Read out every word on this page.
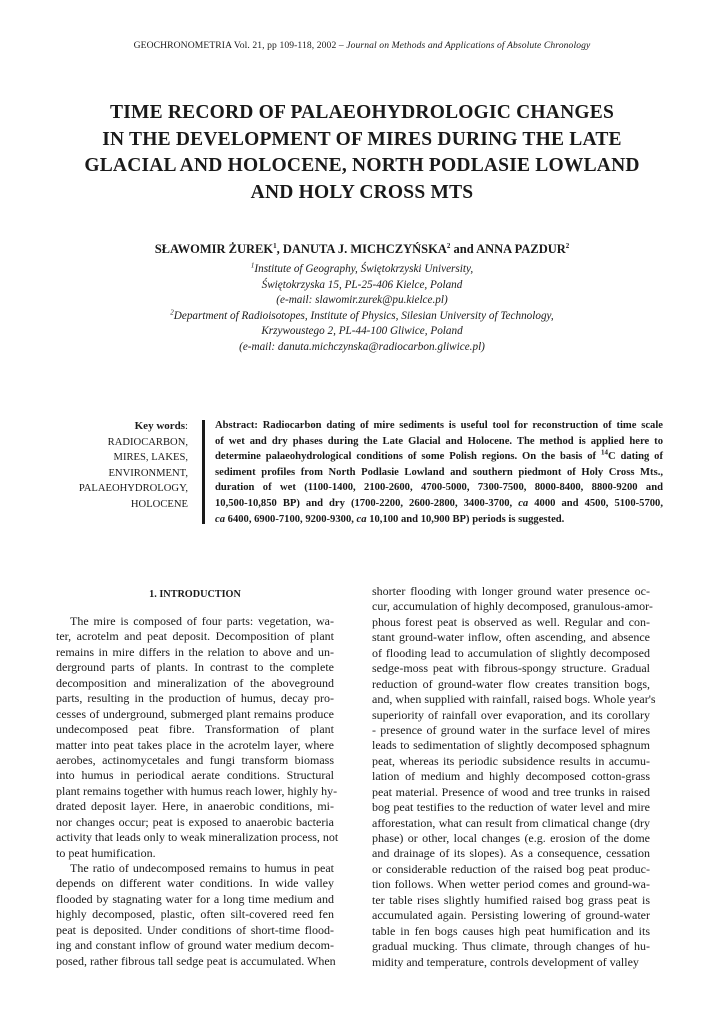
GEOCHRONOMETRIA Vol. 21, pp 109-118, 2002 – Journal on Methods and Applications of Absolute Chronology
TIME RECORD OF PALAEOHYDROLOGIC CHANGES
IN THE DEVELOPMENT OF MIRES DURING THE LATE
GLACIAL AND HOLOCENE, NORTH PODLASIE LOWLAND
AND HOLY CROSS MTS
SŁAWOMIR ŻUREK$^1$, DANUTA J. MICHCZYŃSKA$^2$ and ANNA PAZDUR$^2$
$^1$Institute of Geography, Świętokrzyski University,
Świętokrzyska 15, PL-25-406 Kielce, Poland
(e-mail: slawomir.zurek@pu.kielce.pl)
$^2$Department of Radioisotopes, Institute of Physics, Silesian University of Technology,
Krzywoustego 2, PL-44-100 Gliwice, Poland
(e-mail: danuta.michczynska@radiocarbon.gliwice.pl)
Key words:
RADIOCARBON,
MIRES, LAKES,
ENVIRONMENT,
PALAEOHYDROLOGY,
HOLOCENE
Abstract: Radiocarbon dating of mire sediments is useful tool for reconstruction of time scale
of wet and dry phases during the Late Glacial and Holocene. The method is applied here to
determine palaeohydrological conditions of some Polish regions. On the basis of $^{14}$C dating of
sediment profiles from North Podlasie Lowland and southern piedmont of Holy Cross Mts.,
duration of wet (1100-1400, 2100-2600, 4700-5000, 7300-7500, 8000-8400, 8800-9200 and
10,500-10,850 BP) and dry (1700-2200, 2600-2800, 3400-3700, ca 4000 and 4500, 5100-5700,
ca 6400, 6900-7100, 9200-9300, ca 10,100 and 10,900 BP) periods is suggested.
1. INTRODUCTION
The mire is composed of four parts: vegetation, wa-
ter, acrotelm and peat deposit. Decomposition of plant
remains in mire differs in the relation to above and un-
derground parts of plants. In contrast to the complete
decomposition and mineralization of the aboveground
parts, resulting in the production of humus, decay pro-
cesses of underground, submerged plant remains produce
undecomposed peat fibre. Transformation of plant
matter into peat takes place in the acrotelm layer, where
aerobes, actinomycetales and fungi transform biomass
into humus in periodical aerate conditions. Structural
plant remains together with humus reach lower, highly hy-
drated deposit layer. Here, in anaerobic conditions, mi-
nor changes occur; peat is exposed to anaerobic bacteria
activity that leads only to weak mineralization process, not
to peat humification.
The ratio of undecomposed remains to humus in peat
depends on different water conditions. In wide valley
flooded by stagnating water for a long time medium and
highly decomposed, plastic, often silt-covered reed fen
peat is deposited. Under conditions of short-time flood-
ing and constant inflow of ground water medium decom-
posed, rather fibrous tall sedge peat is accumulated. When
shorter flooding with longer ground water presence oc-
cur, accumulation of highly decomposed, granulous-amor-
phous forest peat is observed as well. Regular and con-
stant ground-water inflow, often ascending, and absence
of flooding lead to accumulation of slightly decomposed
sedge-moss peat with fibrous-spongy structure. Gradual
reduction of ground-water flow creates transition bogs,
and, when supplied with rainfall, raised bogs. Whole year's
superiority of rainfall over evaporation, and its corollary
- presence of ground water in the surface level of mires
leads to sedimentation of slightly decomposed sphagnum
peat, whereas its periodic subsidence results in accumu-
lation of medium and highly decomposed cotton-grass
peat material. Presence of wood and tree trunks in raised
bog peat testifies to the reduction of water level and mire
afforestation, what can result from climatical change (dry
phase) or other, local changes (e.g. erosion of the dome
and drainage of its slopes). As a consequence, cessation
or considerable reduction of the raised bog peat produc-
tion follows. When wetter period comes and ground-wa-
ter table rises slightly humified raised bog grass peat is
accumulated again. Persisting lowering of ground-water
table in fen bogs causes high peat humification and its
gradual mucking. Thus climate, through changes of hu-
midity and temperature, controls development of valley
